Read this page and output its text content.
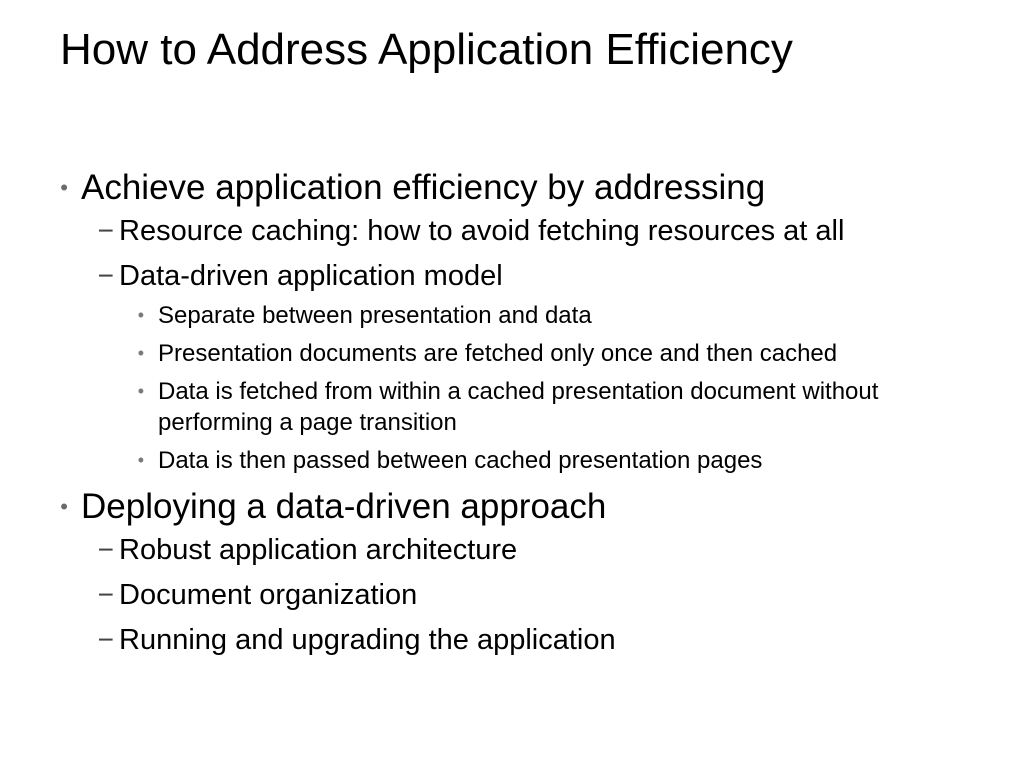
How to Address Application Efficiency
• Achieve application efficiency by addressing
− Resource caching: how to avoid fetching resources at all
− Data-driven application model
• Separate between presentation and data
• Presentation documents are fetched only once and then cached
• Data is fetched from within a cached presentation document without performing a page transition
• Data is then passed between cached presentation pages
• Deploying a data-driven approach
− Robust application architecture
− Document organization
− Running and upgrading the application
